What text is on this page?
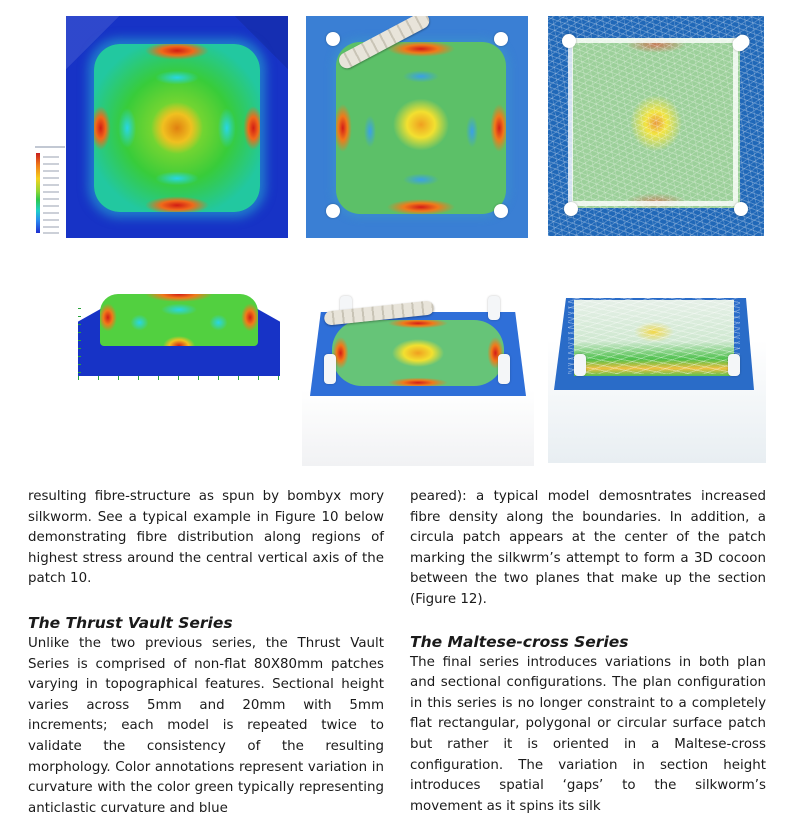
resulting fibre-structure as spun by bombyx mory silkworm. See a typical example in Figure 10 below demonstrating fibre distribution along regions of highest stress around the central vertical axis of the patch 10.

The Thrust Vault Series

Unlike the two previous series, the Thrust Vault Series is comprised of non-flat 80X80mm patches varying in topographical features. Sectional height varies across 5mm and 20mm with 5mm increments; each model is repeated twice to validate the consistency of the resulting morphology. Color annotations represent variation in curvature with the color green typically representing anticlastic curvature and blue

peared): a typical model demosntrates increased fibre density along the boundaries. In addition, a circula patch appears at the center of the patch marking the silkwrm’s attempt to form a 3D cocoon between the two planes that make up the section (Figure 12).

The Maltese-cross Series

The final series introduces variations in both plan and sectional configurations. The plan configuration in this series is no longer constraint to a completely flat rectangular, polygonal or circular surface patch but rather it is oriented in a Maltese-cross configuration. The variation in section height introduces spatial ‘gaps’ to the silkworm’s movement as it spins its silk
